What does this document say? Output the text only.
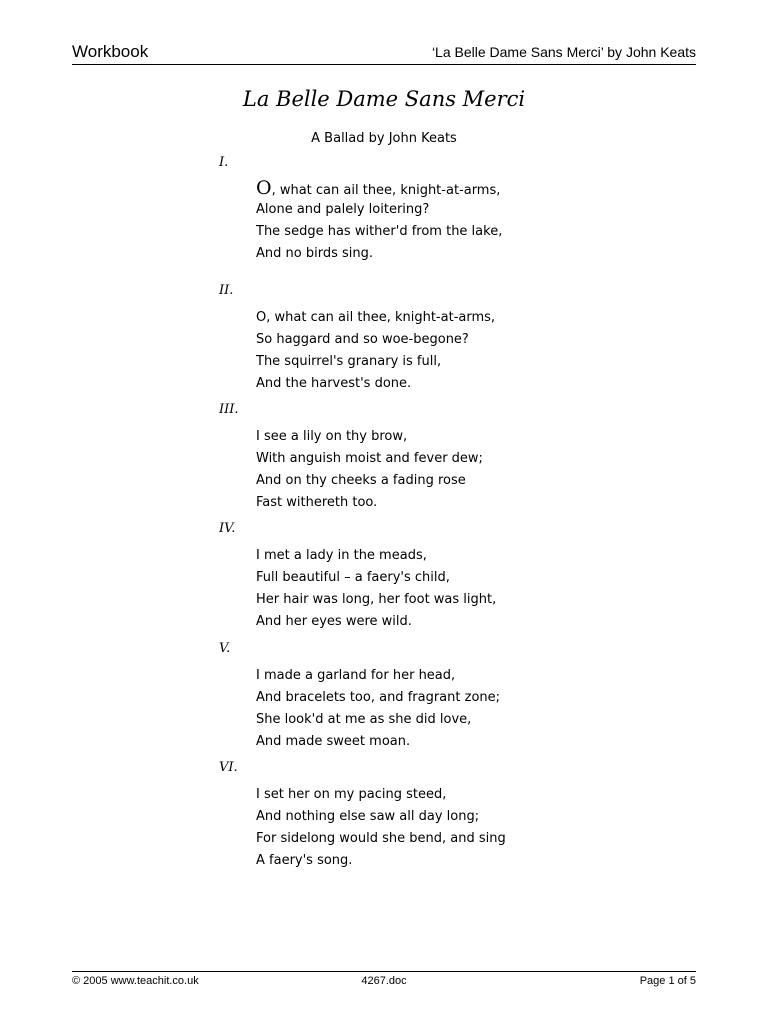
Workbook	‘La Belle Dame Sans Merci’ by John Keats
La Belle Dame Sans Merci
A Ballad by John Keats
I.
O, what can ail thee, knight-at-arms,
Alone and palely loitering?
The sedge has wither'd from the lake,
And no birds sing.
II.
O, what can ail thee, knight-at-arms,
So haggard and so woe-begone?
The squirrel's granary is full,
And the harvest's done.
III.
I see a lily on thy brow,
With anguish moist and fever dew;
And on thy cheeks a fading rose
Fast withereth too.
IV.
I met a lady in the meads,
Full beautiful – a faery's child,
Her hair was long, her foot was light,
And her eyes were wild.
V.
I made a garland for her head,
And bracelets too, and fragrant zone;
She look'd at me as she did love,
And made sweet moan.
VI.
I set her on my pacing steed,
And nothing else saw all day long;
For sidelong would she bend, and sing
A faery's song.
© 2005 www.teachit.co.uk	4267.doc	Page 1 of 5
